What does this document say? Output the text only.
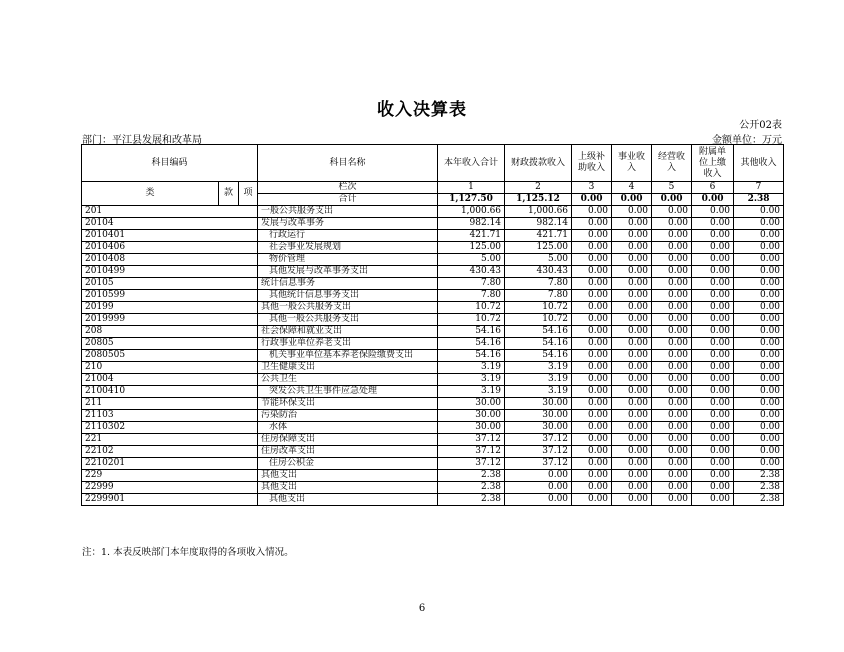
收入决算表
公开02表
部门：平江县发展和改革局	金额单位：万元
科目编码			科目名称	本年收入合计	财政拨款收入	上级补助收入	事业收入	经营收入	附属单位上缴收入	其他收入
类	款	项	栏次	1	2	3	4	5	6	7
			合计	1,127.50	1,125.12	0.00	0.00	0.00	0.00	2.38
201			一般公共服务支出	1,000.66	1,000.66	0.00	0.00	0.00	0.00	0.00
20104			发展与改革事务	982.14	982.14	0.00	0.00	0.00	0.00	0.00
2010401			行政运行	421.71	421.71	0.00	0.00	0.00	0.00	0.00
2010406			社会事业发展规划	125.00	125.00	0.00	0.00	0.00	0.00	0.00
2010408			物价管理	5.00	5.00	0.00	0.00	0.00	0.00	0.00
2010499			其他发展与改革事务支出	430.43	430.43	0.00	0.00	0.00	0.00	0.00
20105			统计信息事务	7.80	7.80	0.00	0.00	0.00	0.00	0.00
2010599			其他统计信息事务支出	7.80	7.80	0.00	0.00	0.00	0.00	0.00
20199			其他一般公共服务支出	10.72	10.72	0.00	0.00	0.00	0.00	0.00
2019999			其他一般公共服务支出	10.72	10.72	0.00	0.00	0.00	0.00	0.00
208			社会保障和就业支出	54.16	54.16	0.00	0.00	0.00	0.00	0.00
20805			行政事业单位养老支出	54.16	54.16	0.00	0.00	0.00	0.00	0.00
2080505			机关事业单位基本养老保险缴费支出	54.16	54.16	0.00	0.00	0.00	0.00	0.00
210			卫生健康支出	3.19	3.19	0.00	0.00	0.00	0.00	0.00
21004			公共卫生	3.19	3.19	0.00	0.00	0.00	0.00	0.00
2100410			突发公共卫生事件应急处理	3.19	3.19	0.00	0.00	0.00	0.00	0.00
211			节能环保支出	30.00	30.00	0.00	0.00	0.00	0.00	0.00
21103			污染防治	30.00	30.00	0.00	0.00	0.00	0.00	0.00
2110302			水体	30.00	30.00	0.00	0.00	0.00	0.00	0.00
221			住房保障支出	37.12	37.12	0.00	0.00	0.00	0.00	0.00
22102			住房改革支出	37.12	37.12	0.00	0.00	0.00	0.00	0.00
2210201			住房公积金	37.12	37.12	0.00	0.00	0.00	0.00	0.00
229			其他支出	2.38	0.00	0.00	0.00	0.00	0.00	2.38
22999			其他支出	2.38	0.00	0.00	0.00	0.00	0.00	2.38
2299901			其他支出	2.38	0.00	0.00	0.00	0.00	0.00	2.38
注：1. 本表反映部门本年度取得的各项收入情况。
6
